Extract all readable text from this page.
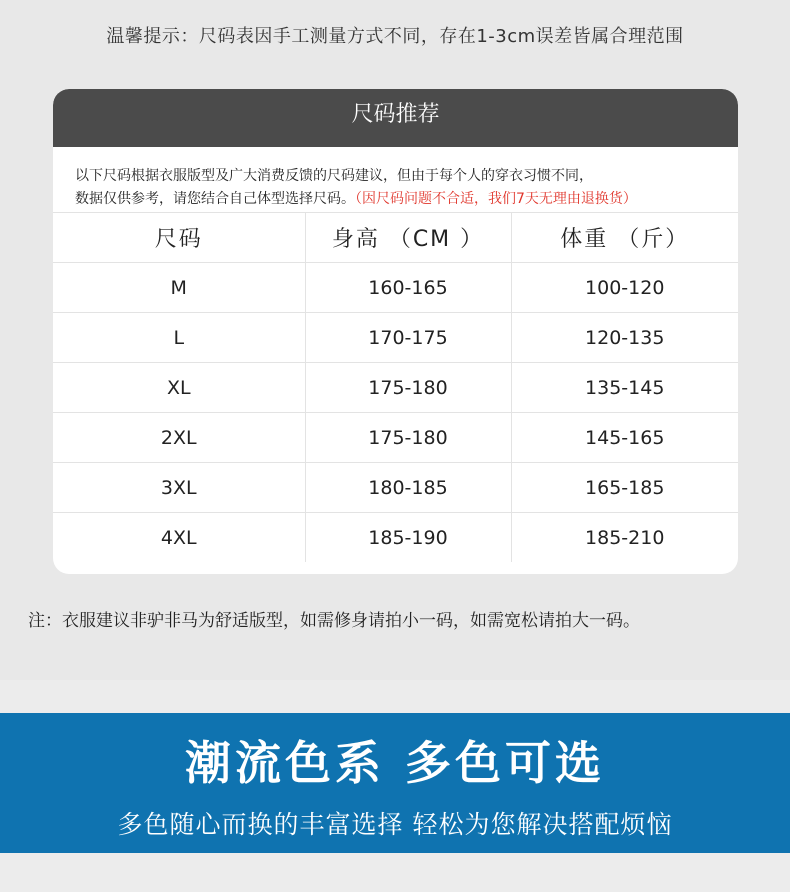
温馨提示：尺码表因手工测量方式不同，存在1-3cm误差皆属合理范围
尺码推荐
以下尺码根据衣服版型及广大消费反馈的尺码建议，但由于每个人的穿衣习惯不同，
数据仅供参考，请您结合自己体型选择尺码。（因尺码问题不合适，我们7天无理由退换货）
尺码	身高 （CM ）	体重 （斤）
M	160-165	100-120
L	170-175	120-135
XL	175-180	135-145
2XL	175-180	145-165
3XL	180-185	165-185
4XL	185-190	185-210
注：衣服建议非驴非马为舒适版型，如需修身请拍小一码，如需宽松请拍大一码。
潮流色系 多色可选
多色随心而换的丰富选择 轻松为您解决搭配烦恼
